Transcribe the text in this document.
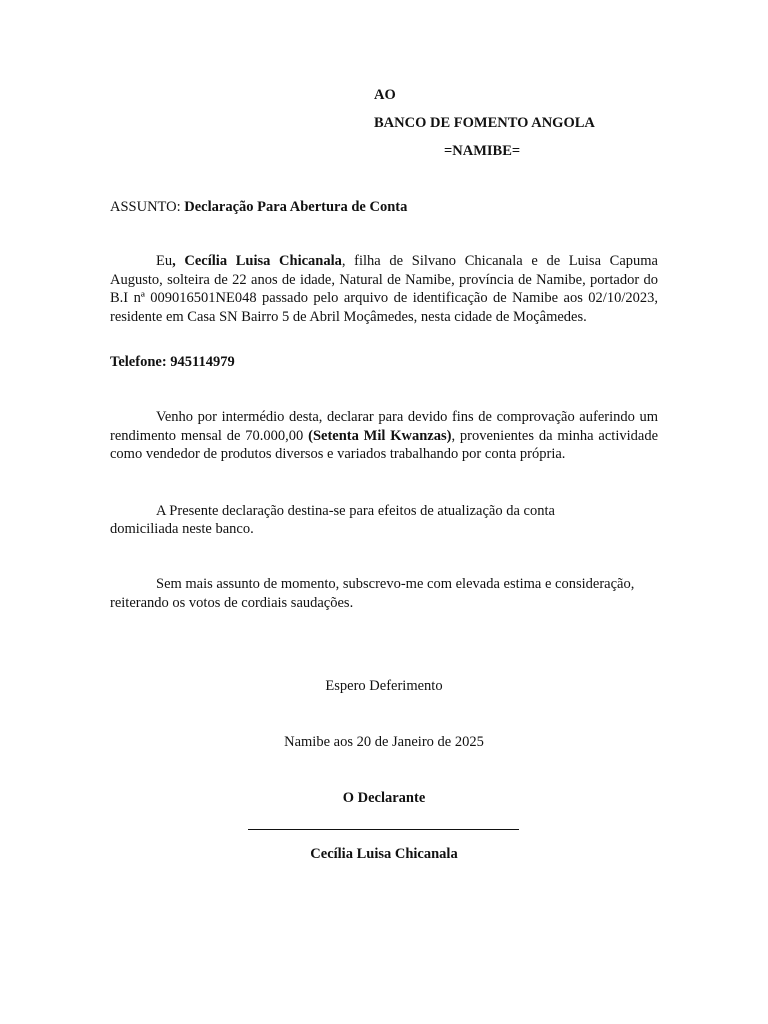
AO
BANCO DE FOMENTO ANGOLA
=NAMIBE=
ASSUNTO: Declaração Para Abertura de Conta
Eu, Cecília Luisa Chicanala, filha de Silvano Chicanala e de Luisa Capuma Augusto, solteira de 22 anos de idade, Natural de Namibe, província de Namibe, portador do B.I nª 009016501NE048 passado pelo arquivo de identificação de Namibe aos 02/10/2023, residente em Casa SN Bairro 5 de Abril Moçâmedes, nesta cidade de Moçâmedes.
Telefone: 945114979
Venho por intermédio desta, declarar para devido fins de comprovação auferindo um rendimento mensal de 70.000,00 (Setenta Mil Kwanzas), provenientes da minha actividade como vendedor de produtos diversos e variados trabalhando por conta própria.
A Presente declaração destina-se para efeitos de atualização da conta
domiciliada neste banco.
Sem mais assunto de momento, subscrevo-me com elevada estima e consideração,
reiterando os votos de cordiais saudações.
Espero Deferimento
Namibe aos 20 de Janeiro de 2025
O Declarante
Cecília Luisa Chicanala
